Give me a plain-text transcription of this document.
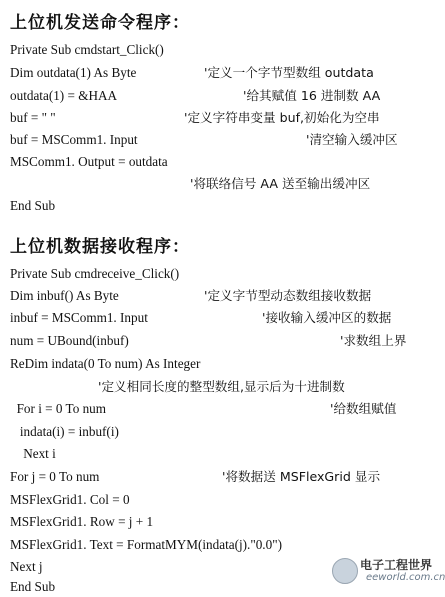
上位机发送命令程序：
Private Sub cmdstart_Click()
Dim outdata(1) As Byte	'定义一个字节型数组 outdata
outdata(1) = &HAA	'给其赋值 16 进制数 AA
buf = " "	'定义字符串变量 buf,初始化为空串
buf = MSComm1. Input	'清空输入缓冲区
MSComm1. Output = outdata
'将联络信号 AA 送至输出缓冲区
End Sub
上位机数据接收程序：
Private Sub cmdreceive_Click()
Dim inbuf() As Byte	'定义字节型动态数组接收数据
inbuf = MSComm1. Input	'接收输入缓冲区的数据
num = UBound(inbuf)	'求数组上界
ReDim indata(0 To num) As Integer
'定义相同长度的整型数组,显示后为十进制数
For i = 0 To num	'给数组赋值
indata(i) = inbuf(i)
Next i
For j = 0 To num	'将数据送 MSFlexGrid 显示
MSFlexGrid1. Col = 0
MSFlexGrid1. Row = j + 1
MSFlexGrid1. Text = FormatMYM(indata(j)."0.0")
Next j
End Sub
电子工程世界
eeworld.com.cn
